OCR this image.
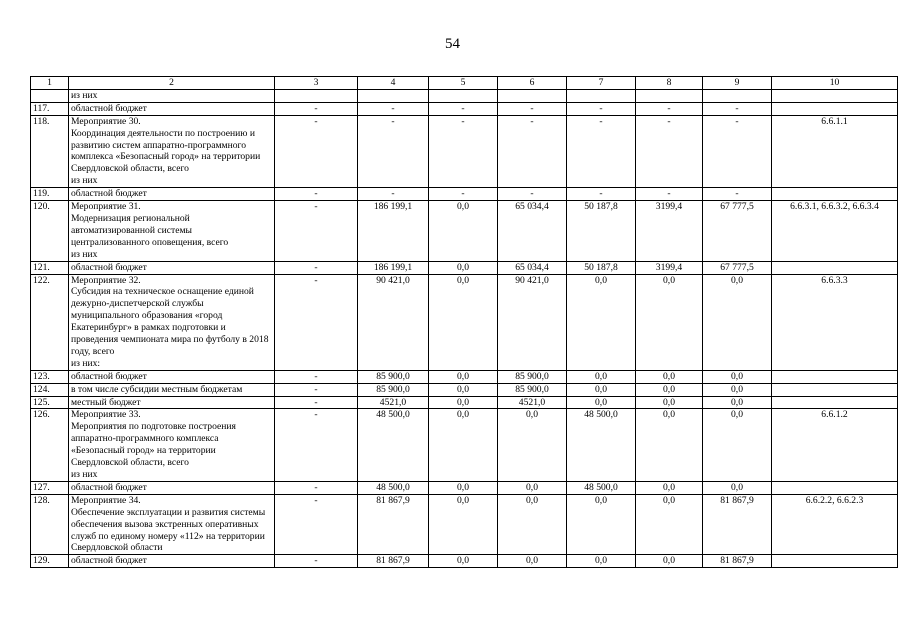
54
1	2	3	4	5	6	7	8	9	10
	из них								
117.	областной бюджет	-	-	-	-	-	-	-	
118.	Мероприятие 30.
Координация деятельности по построению и развитию систем аппаратно-программного комплекса «Безопасный город» на территории Свердловской области, всего
из них	-	-	-	-	-	-	-	6.6.1.1
119.	областной бюджет	-	-	-	-	-	-	-	
120.	Мероприятие 31.
Модернизация региональной автоматизированной системы централизованного оповещения, всего
из них	-	186 199,1	0,0	65 034,4	50 187,8	3199,4	67 777,5	6.6.3.1, 6.6.3.2, 6.6.3.4
121.	областной бюджет	-	186 199,1	0,0	65 034,4	50 187,8	3199,4	67 777,5	
122.	Мероприятие 32.
Субсидия на техническое оснащение единой дежурно-диспетчерской службы муниципального образования «город Екатеринбург» в рамках подготовки и проведения чемпионата мира по футболу в 2018 году, всего
из них:	-	90 421,0	0,0	90 421,0	0,0	0,0	0,0	6.6.3.3
123.	областной бюджет	-	85 900,0	0,0	85 900,0	0,0	0,0	0,0	
124.	в том числе субсидии местным бюджетам	-	85 900,0	0,0	85 900,0	0,0	0,0	0,0	
125.	местный бюджет	-	4521,0	0,0	4521,0	0,0	0,0	0,0	
126.	Мероприятие 33.
Мероприятия по подготовке построения аппаратно-программного комплекса «Безопасный город» на территории Свердловской области, всего
из них	-	48 500,0	0,0	0,0	48 500,0	0,0	0,0	6.6.1.2
127.	областной бюджет	-	48 500,0	0,0	0,0	48 500,0	0,0	0,0	
128.	Мероприятие 34.
Обеспечение эксплуатации и развития системы обеспечения вызова экстренных оперативных служб по единому номеру «112» на территории Свердловской области	-	81 867,9	0,0	0,0	0,0	0,0	81 867,9	6.6.2.2, 6.6.2.3
129.	областной бюджет	-	81 867,9	0,0	0,0	0,0	0,0	81 867,9	
